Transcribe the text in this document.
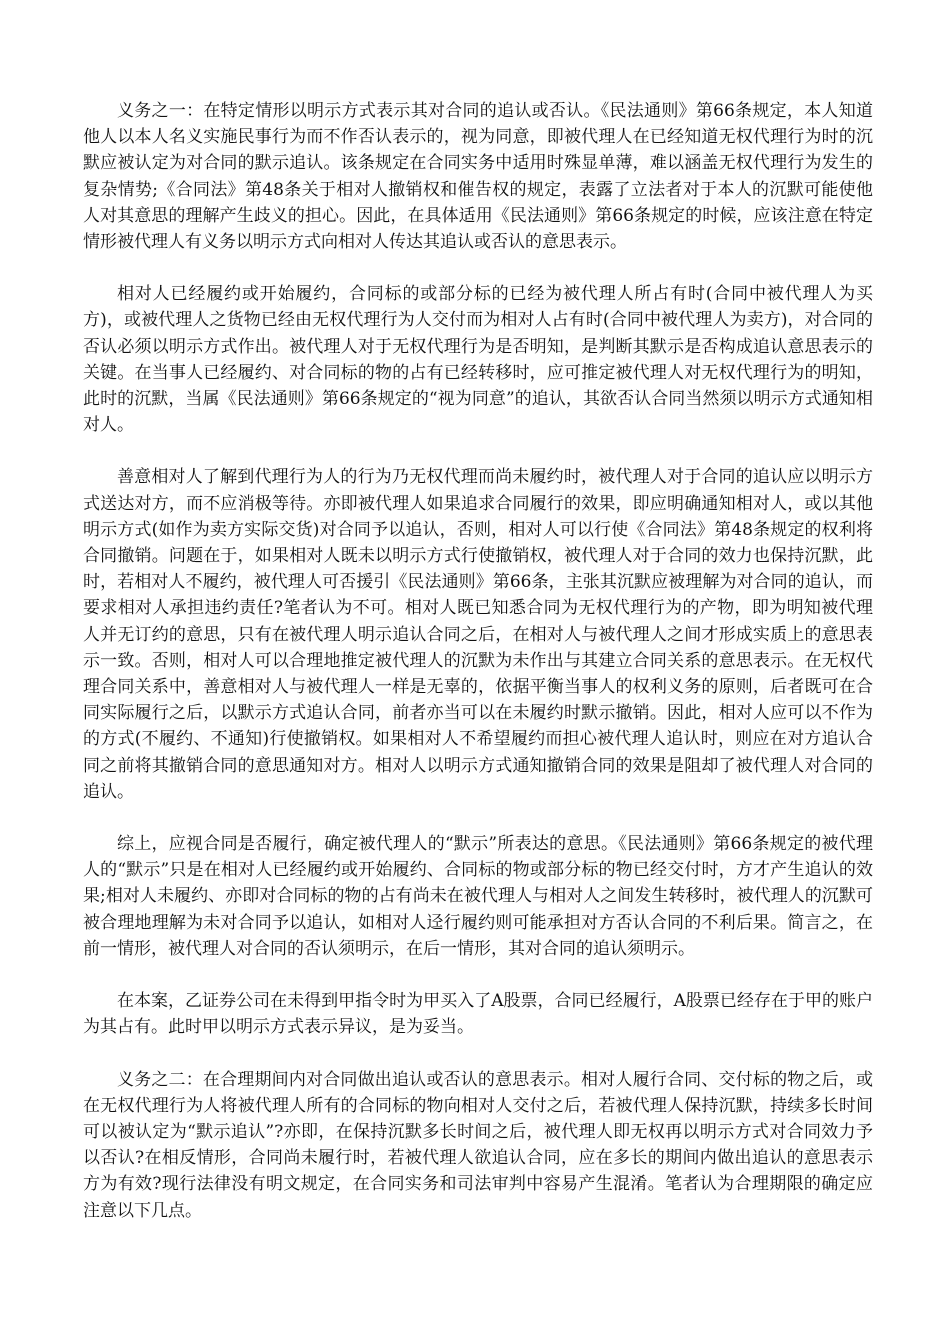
义务之一：在特定情形以明示方式表示其对合同的追认或否认。《民法通则》第66条规定，本人知道他人以本人名义实施民事行为而不作否认表示的，视为同意，即被代理人在已经知道无权代理行为时的沉默应被认定为对合同的默示追认。该条规定在合同实务中适用时殊显单薄，难以涵盖无权代理行为发生的复杂情势;《合同法》第48条关于相对人撤销权和催告权的规定，表露了立法者对于本人的沉默可能使他人对其意思的理解产生歧义的担心。因此，在具体适用《民法通则》第66条规定的时候，应该注意在特定情形被代理人有义务以明示方式向相对人传达其追认或否认的意思表示。

相对人已经履约或开始履约，合同标的或部分标的已经为被代理人所占有时(合同中被代理人为买方)，或被代理人之货物已经由无权代理行为人交付而为相对人占有时(合同中被代理人为卖方)，对合同的否认必须以明示方式作出。被代理人对于无权代理行为是否明知，是判断其默示是否构成追认意思表示的关键。在当事人已经履约、对合同标的物的占有已经转移时，应可推定被代理人对无权代理行为的明知，此时的沉默，当属《民法通则》第66条规定的“视为同意”的追认，其欲否认合同当然须以明示方式通知相对人。

善意相对人了解到代理行为人的行为乃无权代理而尚未履约时，被代理人对于合同的追认应以明示方式送达对方，而不应消极等待。亦即被代理人如果追求合同履行的效果，即应明确通知相对人，或以其他明示方式(如作为卖方实际交货)对合同予以追认，否则，相对人可以行使《合同法》第48条规定的权利将合同撤销。问题在于，如果相对人既未以明示方式行使撤销权，被代理人对于合同的效力也保持沉默，此时，若相对人不履约，被代理人可否援引《民法通则》第66条，主张其沉默应被理解为对合同的追认，而要求相对人承担违约责任?笔者认为不可。相对人既已知悉合同为无权代理行为的产物，即为明知被代理人并无订约的意思，只有在被代理人明示追认合同之后，在相对人与被代理人之间才形成实质上的意思表示一致。否则，相对人可以合理地推定被代理人的沉默为未作出与其建立合同关系的意思表示。在无权代理合同关系中，善意相对人与被代理人一样是无辜的，依据平衡当事人的权利义务的原则，后者既可在合同实际履行之后，以默示方式追认合同，前者亦当可以在未履约时默示撤销。因此，相对人应可以不作为的方式(不履约、不通知)行使撤销权。如果相对人不希望履约而担心被代理人追认时，则应在对方追认合同之前将其撤销合同的意思通知对方。相对人以明示方式通知撤销合同的效果是阻却了被代理人对合同的追认。

综上，应视合同是否履行，确定被代理人的“默示”所表达的意思。《民法通则》第66条规定的被代理人的“默示”只是在相对人已经履约或开始履约、合同标的物或部分标的物已经交付时，方才产生追认的效果;相对人未履约、亦即对合同标的物的占有尚未在被代理人与相对人之间发生转移时，被代理人的沉默可被合理地理解为未对合同予以追认，如相对人迳行履约则可能承担对方否认合同的不利后果。简言之，在前一情形，被代理人对合同的否认须明示，在后一情形，其对合同的追认须明示。

在本案，乙证券公司在未得到甲指令时为甲买入了A股票，合同已经履行，A股票已经存在于甲的账户为其占有。此时甲以明示方式表示异议，是为妥当。

义务之二：在合理期间内对合同做出追认或否认的意思表示。相对人履行合同、交付标的物之后，或在无权代理行为人将被代理人所有的合同标的物向相对人交付之后，若被代理人保持沉默，持续多长时间可以被认定为“默示追认”?亦即，在保持沉默多长时间之后，被代理人即无权再以明示方式对合同效力予以否认?在相反情形，合同尚未履行时，若被代理人欲追认合同，应在多长的期间内做出追认的意思表示方为有效?现行法律没有明文规定，在合同实务和司法审判中容易产生混淆。笔者认为合理期限的确定应注意以下几点。
